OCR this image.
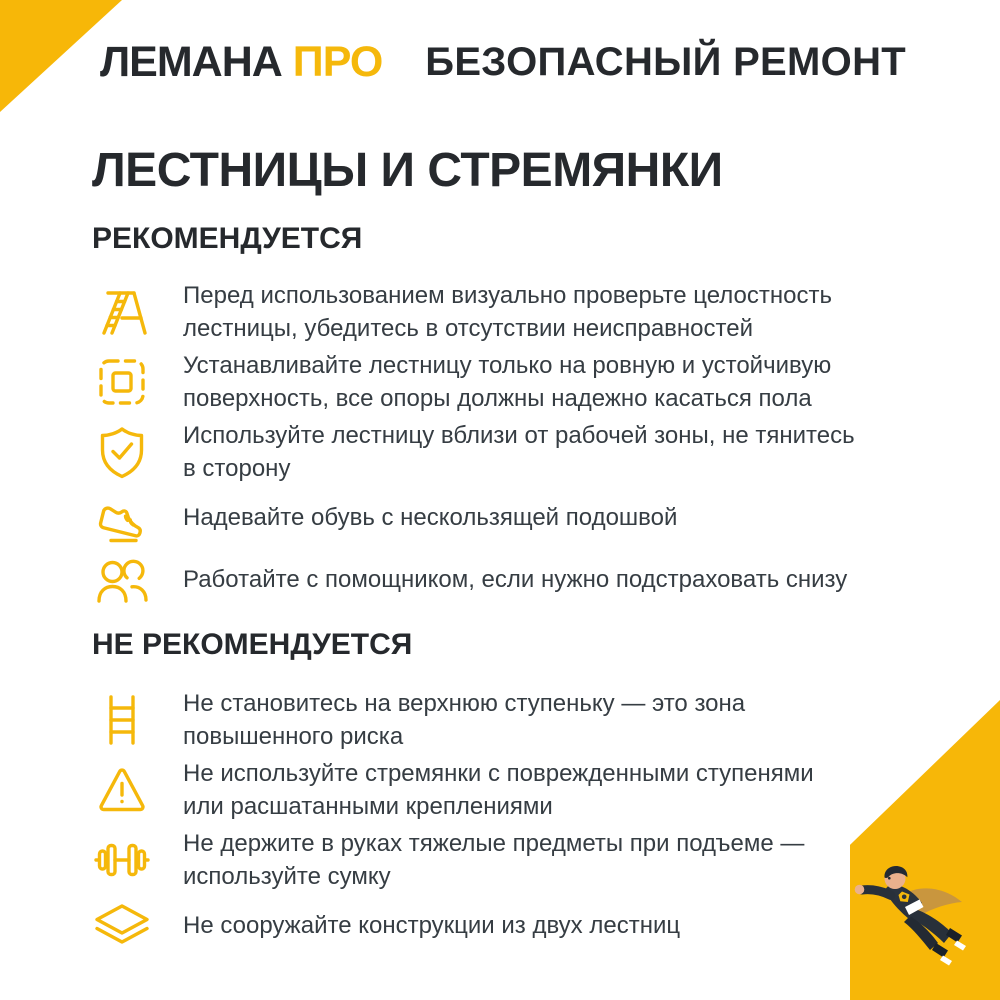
ЛЕМАНА ПРО БЕЗОПАСНЫЙ РЕМОНТ
ЛЕСТНИЦЫ И СТРЕМЯНКИ
РЕКОМЕНДУЕТСЯ

Перед использованием визуально проверьте целостность
лестницы, убедитесь в отсутствии неисправностей

Устанавливайте лестницу только на ровную и устойчивую
поверхность, все опоры должны надежно касаться пола

Используйте лестницу вблизи от рабочей зоны, не тянитесь
в сторону

Надевайте обувь с нескользящей подошвой

Работайте с помощником, если нужно подстраховать снизу

НЕ РЕКОМЕНДУЕТСЯ

Не становитесь на верхнюю ступеньку — это зона
повышенного риска

Не используйте стремянки с поврежденными ступенями
или расшатанными креплениями

Не держите в руках тяжелые предметы при подъеме —
используйте сумку

Не сооружайте конструкции из двух лестниц
